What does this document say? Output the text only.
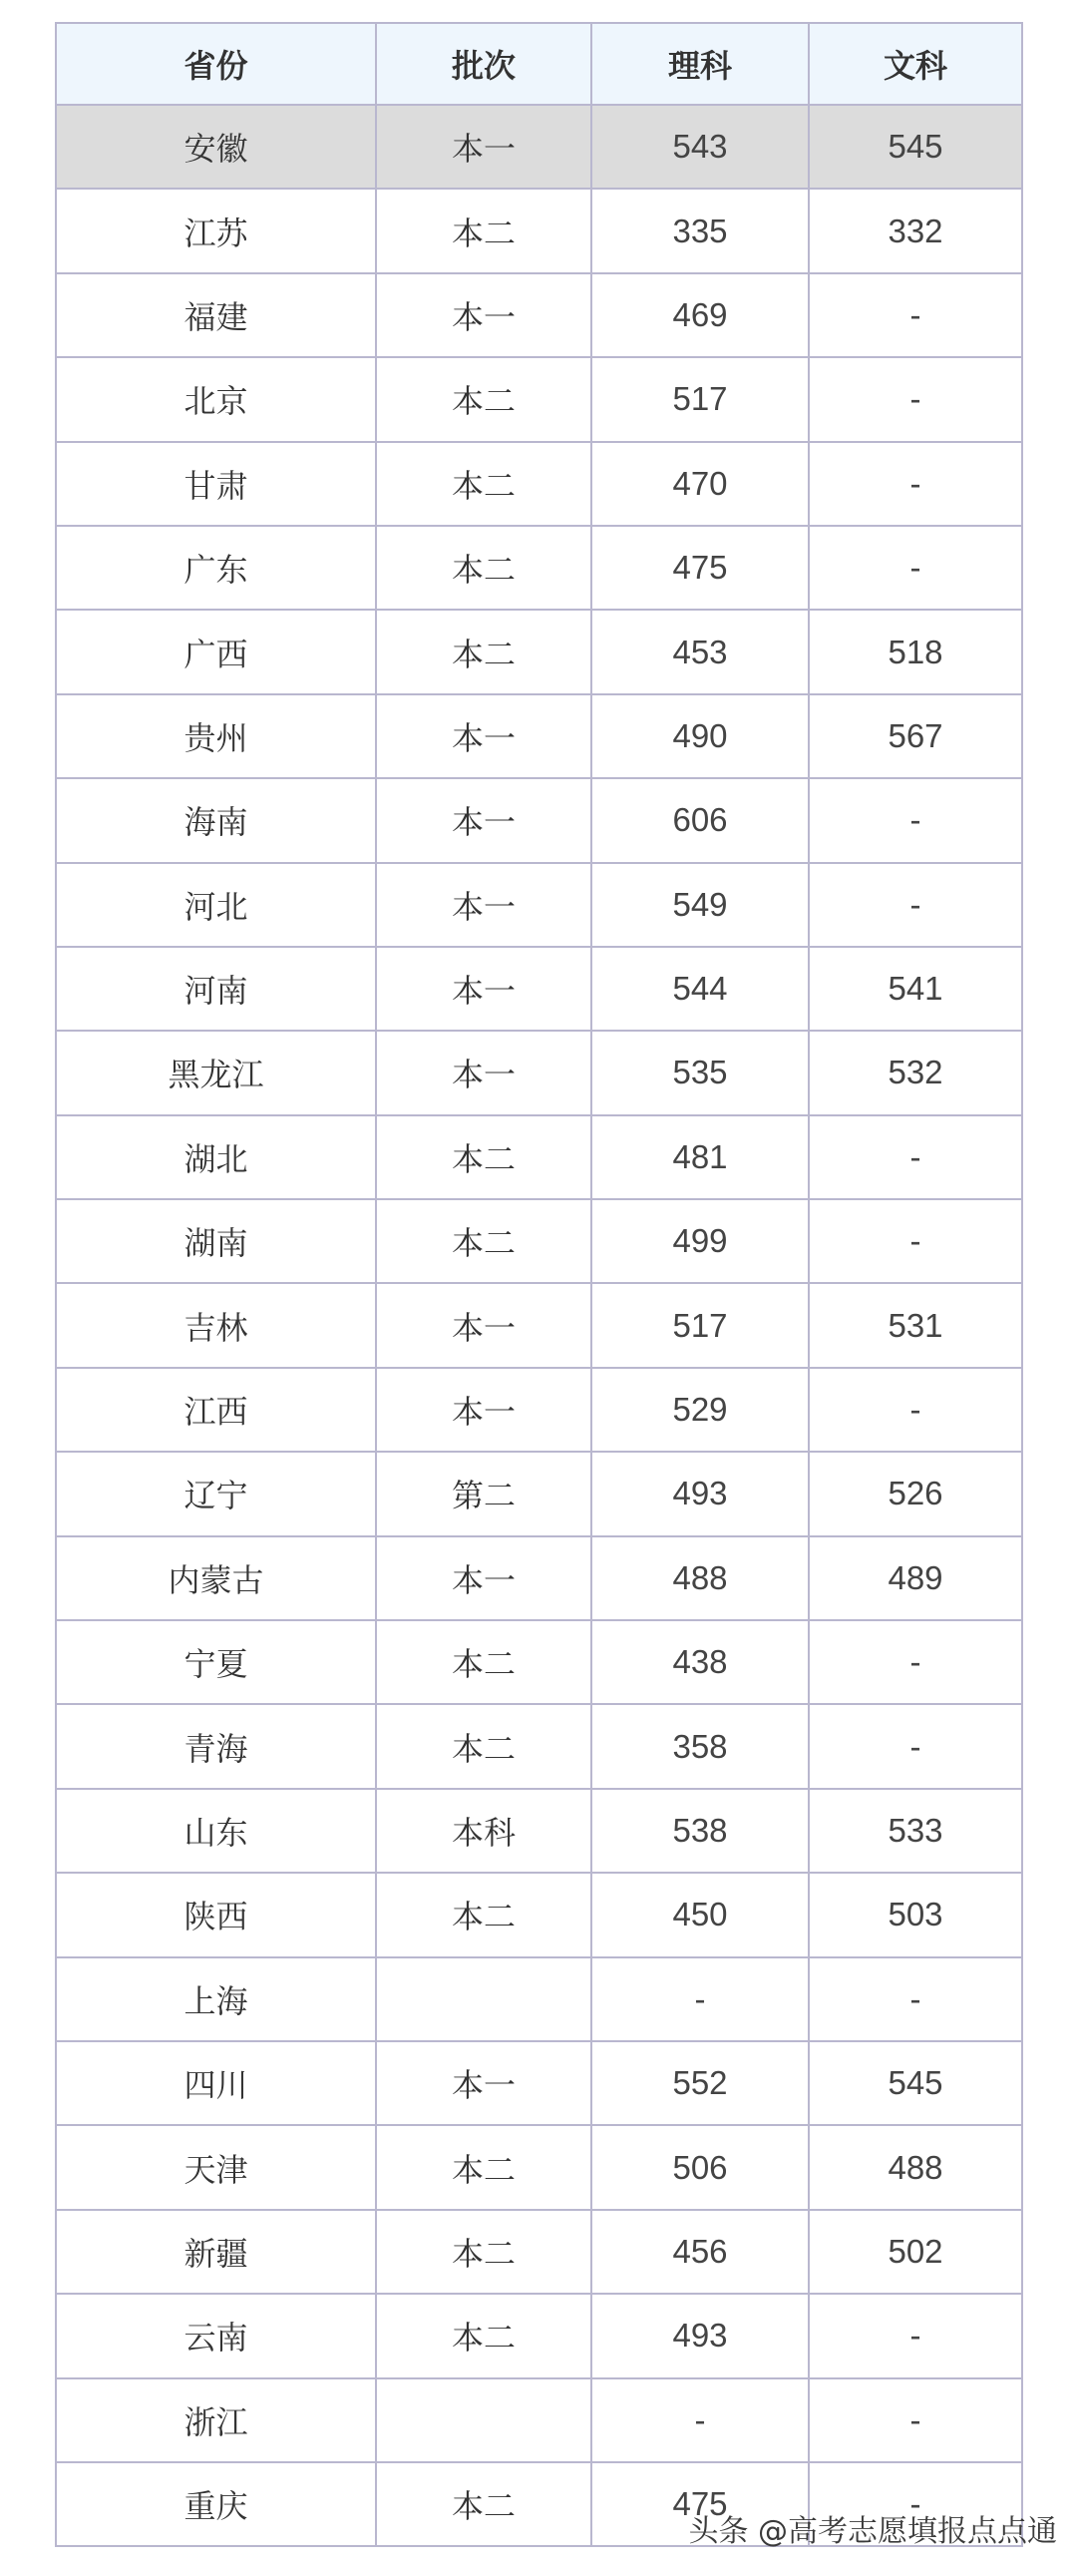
省份	批次	理科	文科
安徽	本一	543	545
江苏	本二	335	332
福建	本一	469	-
北京	本二	517	-
甘肃	本二	470	-
广东	本二	475	-
广西	本二	453	518
贵州	本一	490	567
海南	本一	606	-
河北	本一	549	-
河南	本一	544	541
黑龙江	本一	535	532
湖北	本二	481	-
湖南	本二	499	-
吉林	本一	517	531
江西	本一	529	-
辽宁	第二	493	526
内蒙古	本一	488	489
宁夏	本二	438	-
青海	本二	358	-
山东	本科	538	533
陕西	本二	450	503
上海		-	-
四川	本一	552	545
天津	本二	506	488
新疆	本二	456	502
云南	本二	493	-
浙江		-	-
重庆	本二	475	-
头条 @高考志愿填报点点通
